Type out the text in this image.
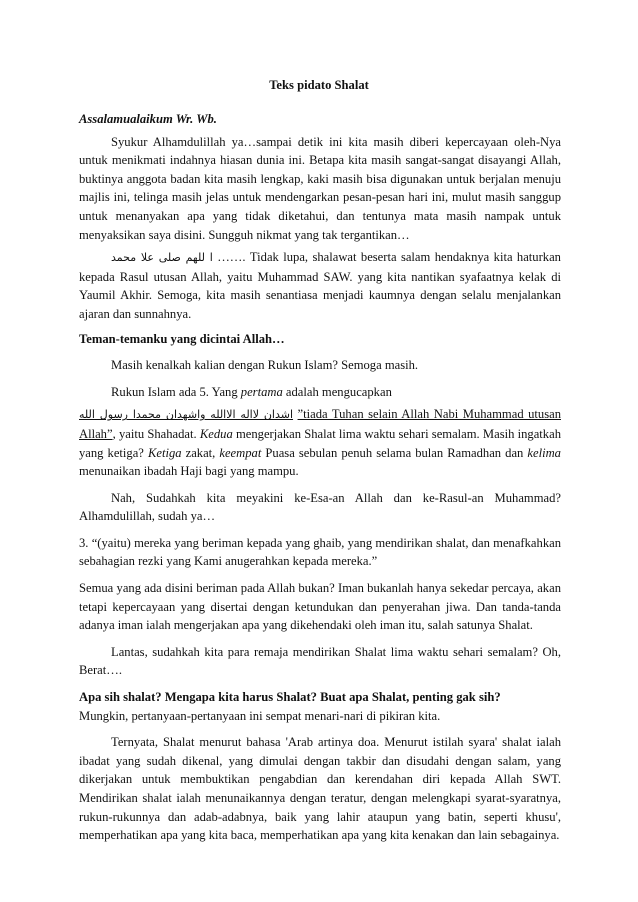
Teks pidato Shalat

Assalamualaikum Wr. Wb.

Syukur Alhamdulillah ya…sampai detik ini kita masih diberi kepercayaan oleh-Nya untuk menikmati indahnya hiasan dunia ini. Betapa kita masih sangat-sangat disayangi Allah, buktinya anggota badan kita masih lengkap, kaki masih bisa digunakan untuk berjalan menuju majlis ini, telinga masih jelas untuk mendengarkan pesan-pesan hari ini, mulut masih sanggup untuk menanyakan apa yang tidak diketahui, dan tentunya mata masih nampak untuk menyaksikan saya disini. Sungguh nikmat yang tak tergantikan…

ا للهم صلى علا محمد ……. Tidak lupa, shalawat beserta salam hendaknya kita haturkan kepada Rasul utusan Allah, yaitu Muhammad SAW. yang kita nantikan syafaatnya kelak di Yaumil Akhir. Semoga, kita masih senantiasa menjadi kaumnya dengan selalu menjalankan ajaran dan sunnahnya.

Teman-temanku yang dicintai Allah…

Masih kenalkah kalian dengan Rukun Islam? Semoga masih.

Rukun Islam ada 5. Yang pertama adalah mengucapkan

اشدان لااله الاالله واشهدان محمدا رسول الله ”tiada Tuhan selain Allah Nabi Muhammad utusan Allah”, yaitu Shahadat. Kedua mengerjakan Shalat lima waktu sehari semalam. Masih ingatkah yang ketiga? Ketiga zakat, keempat Puasa sebulan penuh selama bulan Ramadhan dan kelima menunaikan ibadah Haji bagi yang mampu.

Nah, Sudahkah kita meyakini ke-Esa-an Allah dan ke-Rasul-an Muhammad? Alhamdulillah, sudah ya…

3. “(yaitu) mereka yang beriman kepada yang ghaib, yang mendirikan shalat, dan menafkahkan sebahagian rezki yang Kami anugerahkan kepada mereka.”

Semua yang ada disini beriman pada Allah bukan? Iman bukanlah hanya sekedar percaya, akan tetapi kepercayaan yang disertai dengan ketundukan dan penyerahan jiwa. Dan tanda-tanda adanya iman ialah mengerjakan apa yang dikehendaki oleh iman itu, salah satunya Shalat.

Lantas, sudahkah kita para remaja mendirikan Shalat lima waktu sehari semalam? Oh, Berat….

Apa sih shalat? Mengapa kita harus Shalat? Buat apa Shalat, penting gak sih?

Mungkin, pertanyaan-pertanyaan ini sempat menari-nari di pikiran kita.

Ternyata, Shalat menurut bahasa 'Arab artinya doa. Menurut istilah syara' shalat ialah ibadat yang sudah dikenal, yang dimulai dengan takbir dan disudahi dengan salam, yang dikerjakan untuk membuktikan pengabdian dan kerendahan diri kepada Allah SWT. Mendirikan shalat ialah menunaikannya dengan teratur, dengan melengkapi syarat-syaratnya, rukun-rukunnya dan adab-adabnya, baik yang lahir ataupun yang batin, seperti khusu', memperhatikan apa yang kita baca, memperhatikan apa yang kita kenakan dan lain sebagainya.
